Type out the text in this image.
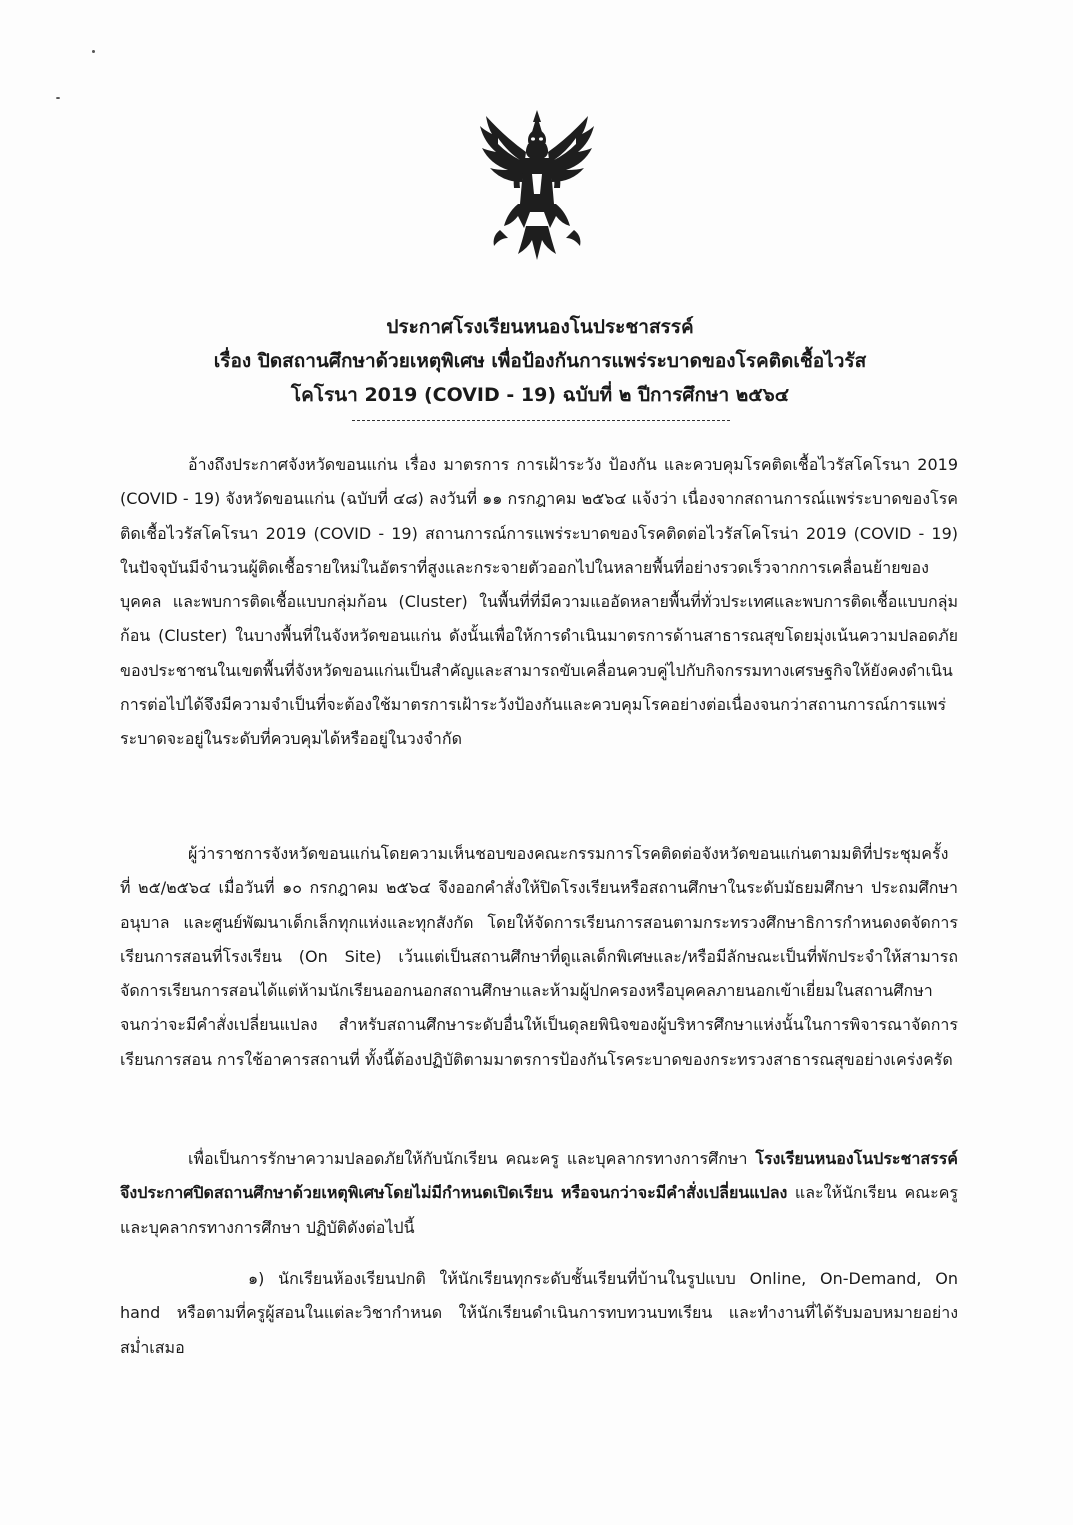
ประกาศโรงเรียนหนองโนประชาสรรค์
เรื่อง ปิดสถานศึกษาด้วยเหตุพิเศษ เพื่อป้องกันการแพร่ระบาดของโรคติดเชื้อไวรัส
โคโรนา 2019 (COVID - 19) ฉบับที่ ๒ ปีการศึกษา ๒๕๖๔
อ้างถึงประกาศจังหวัดขอนแก่น เรื่อง มาตรการ การเฝ้าระวัง ป้องกัน และควบคุมโรคติดเชื้อไวรัสโคโรนา 2019 (COVID - 19) จังหวัดขอนแก่น (ฉบับที่ ๔๘) ลงวันที่ ๑๑ กรกฎาคม ๒๕๖๔ แจ้งว่า เนื่องจากสถานการณ์แพร่ระบาดของโรคติดเชื้อไวรัสโคโรนา 2019 (COVID - 19) สถานการณ์การแพร่ระบาดของโรคติดต่อไวรัสโคโรน่า 2019 (COVID - 19) ในปัจจุบันมีจำนวนผู้ติดเชื้อรายใหม่ในอัตราที่สูงและกระจายตัวออกไปในหลายพื้นที่อย่างรวดเร็วจากการเคลื่อนย้ายของบุคคล และพบการติดเชื้อแบบกลุ่มก้อน (Cluster) ในพื้นที่ที่มีความแออัดหลายพื้นที่ทั่วประเทศและพบการติดเชื้อแบบกลุ่มก้อน (Cluster) ในบางพื้นที่ในจังหวัดขอนแก่น ดังนั้นเพื่อให้การดำเนินมาตรการด้านสาธารณสุขโดยมุ่งเน้นความปลอดภัยของประชาชนในเขตพื้นที่จังหวัดขอนแก่นเป็นสำคัญและสามารถขับเคลื่อนควบคู่ไปกับกิจกรรมทางเศรษฐกิจให้ยังคงดำเนินการต่อไปได้จึงมีความจำเป็นที่จะต้องใช้มาตรการเฝ้าระวังป้องกันและควบคุมโรคอย่างต่อเนื่องจนกว่าสถานการณ์การแพร่ระบาดจะอยู่ในระดับที่ควบคุมได้หรืออยู่ในวงจำกัด
ผู้ว่าราชการจังหวัดขอนแก่นโดยความเห็นชอบของคณะกรรมการโรคติดต่อจังหวัดขอนแก่นตามมติที่ประชุมครั้งที่ ๒๕/๒๕๖๔ เมื่อวันที่ ๑๐ กรกฎาคม ๒๕๖๔ จึงออกคำสั่งให้ปิดโรงเรียนหรือสถานศึกษาในระดับมัธยมศึกษา ประถมศึกษา อนุบาล และศูนย์พัฒนาเด็กเล็กทุกแห่งและทุกสังกัด โดยให้จัดการเรียนการสอนตามกระทรวงศึกษาธิการกำหนดงดจัดการเรียนการสอนที่โรงเรียน (On Site) เว้นแต่เป็นสถานศึกษาที่ดูแลเด็กพิเศษและ/หรือมีลักษณะเป็นที่พักประจำให้สามารถจัดการเรียนการสอนได้แต่ห้ามนักเรียนออกนอกสถานศึกษาและห้ามผู้ปกครองหรือบุคคลภายนอกเข้าเยี่ยมในสถานศึกษาจนกว่าจะมีคำสั่งเปลี่ยนแปลง สำหรับสถานศึกษาระดับอื่นให้เป็นดุลยพินิจของผู้บริหารศึกษาแห่งนั้นในการพิจารณาจัดการเรียนการสอน การใช้อาคารสถานที่ ทั้งนี้ต้องปฏิบัติตามมาตรการป้องกันโรคระบาดของกระทรวงสาธารณสุขอย่างเคร่งครัด
เพื่อเป็นการรักษาความปลอดภัยให้กับนักเรียน คณะครู และบุคลากรทางการศึกษา โรงเรียนหนองโนประชาสรรค์ จึงประกาศปิดสถานศึกษาด้วยเหตุพิเศษโดยไม่มีกำหนดเปิดเรียน หรือจนกว่าจะมีคำสั่งเปลี่ยนแปลง และให้นักเรียน คณะครู และบุคลากรทางการศึกษา ปฏิบัติดังต่อไปนี้
๑) นักเรียนห้องเรียนปกติ ให้นักเรียนทุกระดับชั้นเรียนที่บ้านในรูปแบบ Online, On-Demand, On hand หรือตามที่ครูผู้สอนในแต่ละวิชากำหนด ให้นักเรียนดำเนินการทบทวนบทเรียน และทำงานที่ได้รับมอบหมายอย่างสม่ำเสมอ
